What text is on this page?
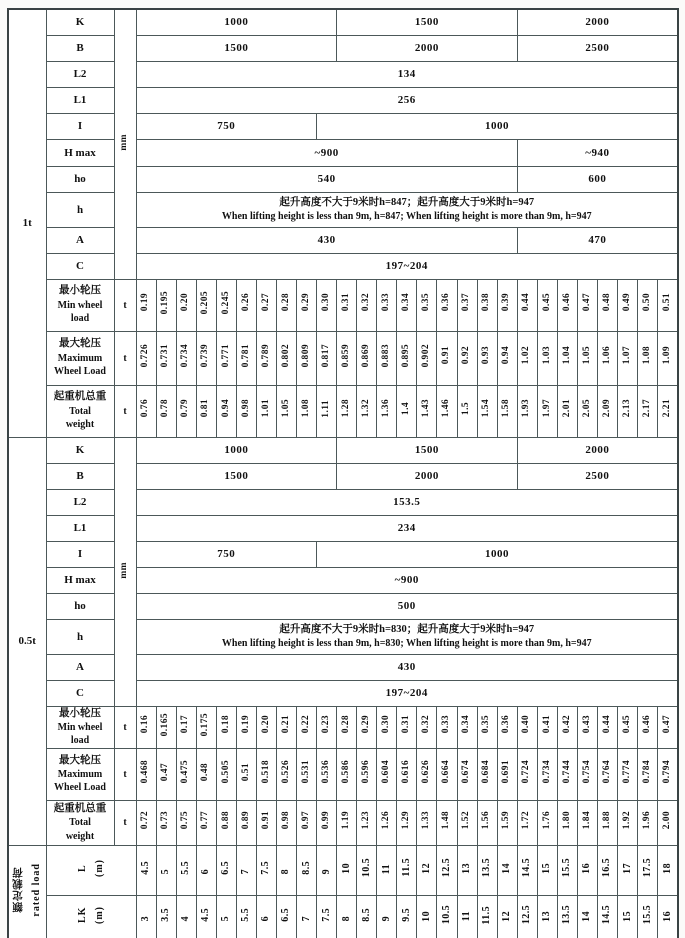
1t	K	mm	1000										1500									2000							
	B		1500										2000									2500							
	L2		134																										
	L1		256																										
	I		750									1000																	
	H max		~900																			~940							
	ho		540																			600							
	h		起升高度不大于9米时h=847；起升高度大于9米时h=947
When lifting height is less than 9m, h=847; When lifting height is more than 9m, h=947																										

	A		430																			470							
	C		197~204																										

	最小轮压
Min wheel
load	t	0.19	0.195	0.20	0.205	0.245	0.26	0.27	0.28	0.29	0.30	0.31	0.32	0.33	0.34	0.35	0.36	0.37	0.38	0.39	0.44	0.45	0.46	0.47	0.48	0.49	0.50	0.51

	最大轮压
Maximum
Wheel Load	t	0.726	0.731	0.734	0.739	0.771	0.781	0.789	0.802	0.809	0.817	0.859	0.869	0.883	0.895	0.902	0.91	0.92	0.93	0.94	1.02	1.03	1.04	1.05	1.06	1.07	1.08	1.09

	起重机总重
Total
weight	t	0.76	0.78	0.79	0.81	0.94	0.98	1.01	1.05	1.08	1.11	1.28	1.32	1.36	1.4	1.43	1.46	1.5	1.54	1.58	1.93	1.97	2.01	2.05	2.09	2.13	2.17	2.21
0.5t	K	mm	1000										1500									2000							
	B		1500										2000									2500							
	L2		153.5																										
	L1		234																										
	I		750									1000																	
	H max		~900																										
	ho		500																										
	h		起升高度不大于9米时h=830；起升高度大于9米时h=947
When lifting height is less than 9m, h=830; When lifting height is more than 9m, h=947																										

	A		430																										
	C		197~204																										

	最小轮压
Min wheel
load	t	0.16	0.165	0.17	0.175	0.18	0.19	0.20	0.21	0.22	0.23	0.28	0.29	0.30	0.31	0.32	0.33	0.34	0.35	0.36	0.40	0.41	0.42	0.43	0.44	0.45	0.46	0.47

	最大轮压
Maximum
Wheel Load	t	0.468	0.47	0.475	0.48	0.505	0.51	0.518	0.526	0.531	0.536	0.586	0.596	0.604	0.616	0.626	0.664	0.674	0.684	0.691	0.724	0.734	0.744	0.754	0.764	0.774	0.784	0.794

	起重机总重
Total
weight	t	0.72	0.73	0.75	0.77	0.88	0.89	0.91	0.98	0.97	0.99	1.19	1.23	1.26	1.29	1.33	1.48	1.52	1.56	1.59	1.72	1.76	1.80	1.84	1.88	1.92	1.96	2.00
额定载荷 rated load	L (m)		4.5	5	5.5	6	6.5	7	7.5	8	8.5	9	10	10.5	11	11.5	12	12.5	13	13.5	14	14.5	15	15.5	16	16.5	17	17.5	18
	LK (m)		3	3.5	4	4.5	5	5.5	6	6.5	7	7.5	8	8.5	9	9.5	10	10.5	11	11.5	12	12.5	13	13.5	14	14.5	15	15.5	16
